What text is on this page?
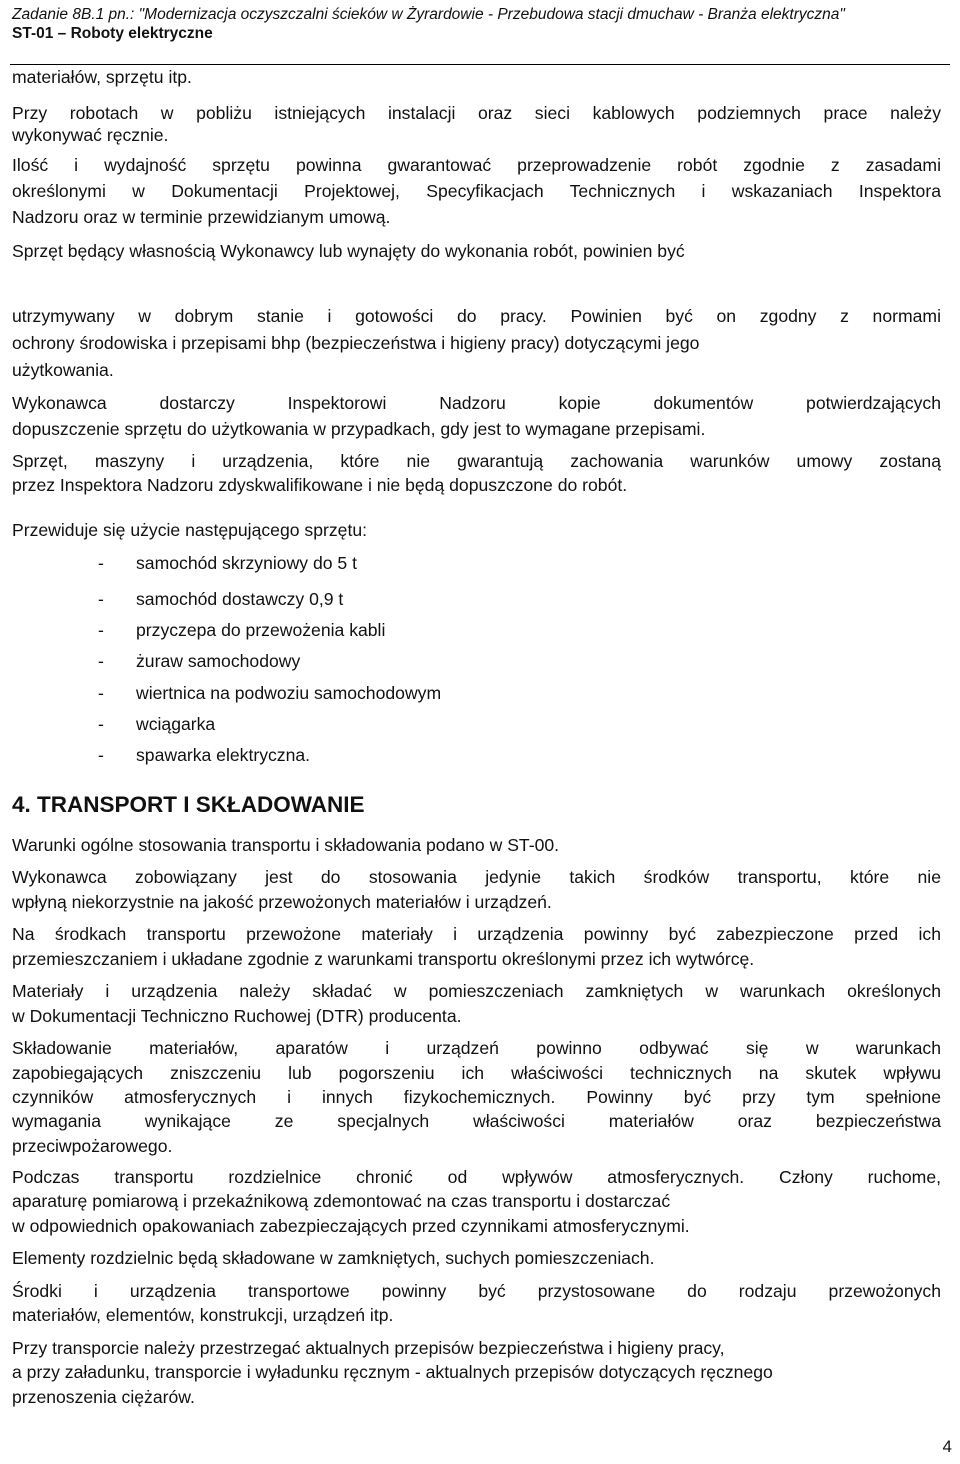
Zadanie 8B.1 pn.: "Modernizacja oczyszczalni ścieków w Żyrardowie - Przebudowa stacji dmuchaw - Branża elektryczna"
ST-01 – Roboty elektryczne
materiałów, sprzętu itp.
Przy robotach w pobliżu istniejących instalacji oraz sieci kablowych podziemnych prace należy
wykonywać ręcznie.
Ilość i wydajność sprzętu powinna gwarantować przeprowadzenie robót zgodnie z zasadami
określonymi w Dokumentacji Projektowej, Specyfikacjach Technicznych i wskazaniach Inspektora
Nadzoru oraz w terminie przewidzianym umową.
Sprzęt będący własnością Wykonawcy lub wynajęty do wykonania robót, powinien być
utrzymywany w dobrym stanie i gotowości do pracy. Powinien być on zgodny z normami
ochrony środowiska i przepisami bhp (bezpieczeństwa i higieny pracy) dotyczącymi jego
użytkowania.
Wykonawca dostarczy Inspektorowi Nadzoru kopie dokumentów potwierdzających
dopuszczenie sprzętu do użytkowania w przypadkach, gdy jest to wymagane przepisami.
Sprzęt, maszyny i urządzenia, które nie gwarantują zachowania warunków umowy zostaną
przez Inspektora Nadzoru zdyskwalifikowane i nie będą dopuszczone do robót.
Przewiduje się użycie następującego sprzętu:
- samochód skrzyniowy do 5 t
- samochód dostawczy 0,9 t
- przyczepa do przewożenia kabli
- żuraw samochodowy
- wiertnica na podwoziu samochodowym
- wciągarka
- spawarka elektryczna.
4. TRANSPORT I SKŁADOWANIE
Warunki ogólne stosowania transportu i składowania podano w ST-00.
Wykonawca zobowiązany jest do stosowania jedynie takich środków transportu, które nie
wpłyną niekorzystnie na jakość przewożonych materiałów i urządzeń.
Na środkach transportu przewożone materiały i urządzenia powinny być zabezpieczone przed ich
przemieszczaniem i układane zgodnie z warunkami transportu określonymi przez ich wytwórcę.
Materiały i urządzenia należy składać w pomieszczeniach zamkniętych w warunkach określonych
w Dokumentacji Techniczno Ruchowej (DTR) producenta.
Składowanie materiałów, aparatów i urządzeń powinno odbywać się w warunkach
zapobiegających zniszczeniu lub pogorszeniu ich właściwości technicznych na skutek wpływu
czynników atmosferycznych i innych fizykochemicznych. Powinny być przy tym spełnione
wymagania wynikające ze specjalnych właściwości materiałów oraz bezpieczeństwa
przeciwpożarowego.
Podczas transportu rozdzielnice chronić od wpływów atmosferycznych. Człony ruchome,
aparaturę pomiarową i przekaźnikową zdemontować na czas transportu i dostarczać
w odpowiednich opakowaniach zabezpieczających przed czynnikami atmosferycznymi.
Elementy rozdzielnic będą składowane w zamkniętych, suchych pomieszczeniach.
Środki i urządzenia transportowe powinny być przystosowane do rodzaju przewożonych
materiałów, elementów, konstrukcji, urządzeń itp.
Przy transporcie należy przestrzegać aktualnych przepisów bezpieczeństwa i higieny pracy,
a przy załadunku, transporcie i wyładunku ręcznym - aktualnych przepisów dotyczących ręcznego
przenoszenia ciężarów.
4
